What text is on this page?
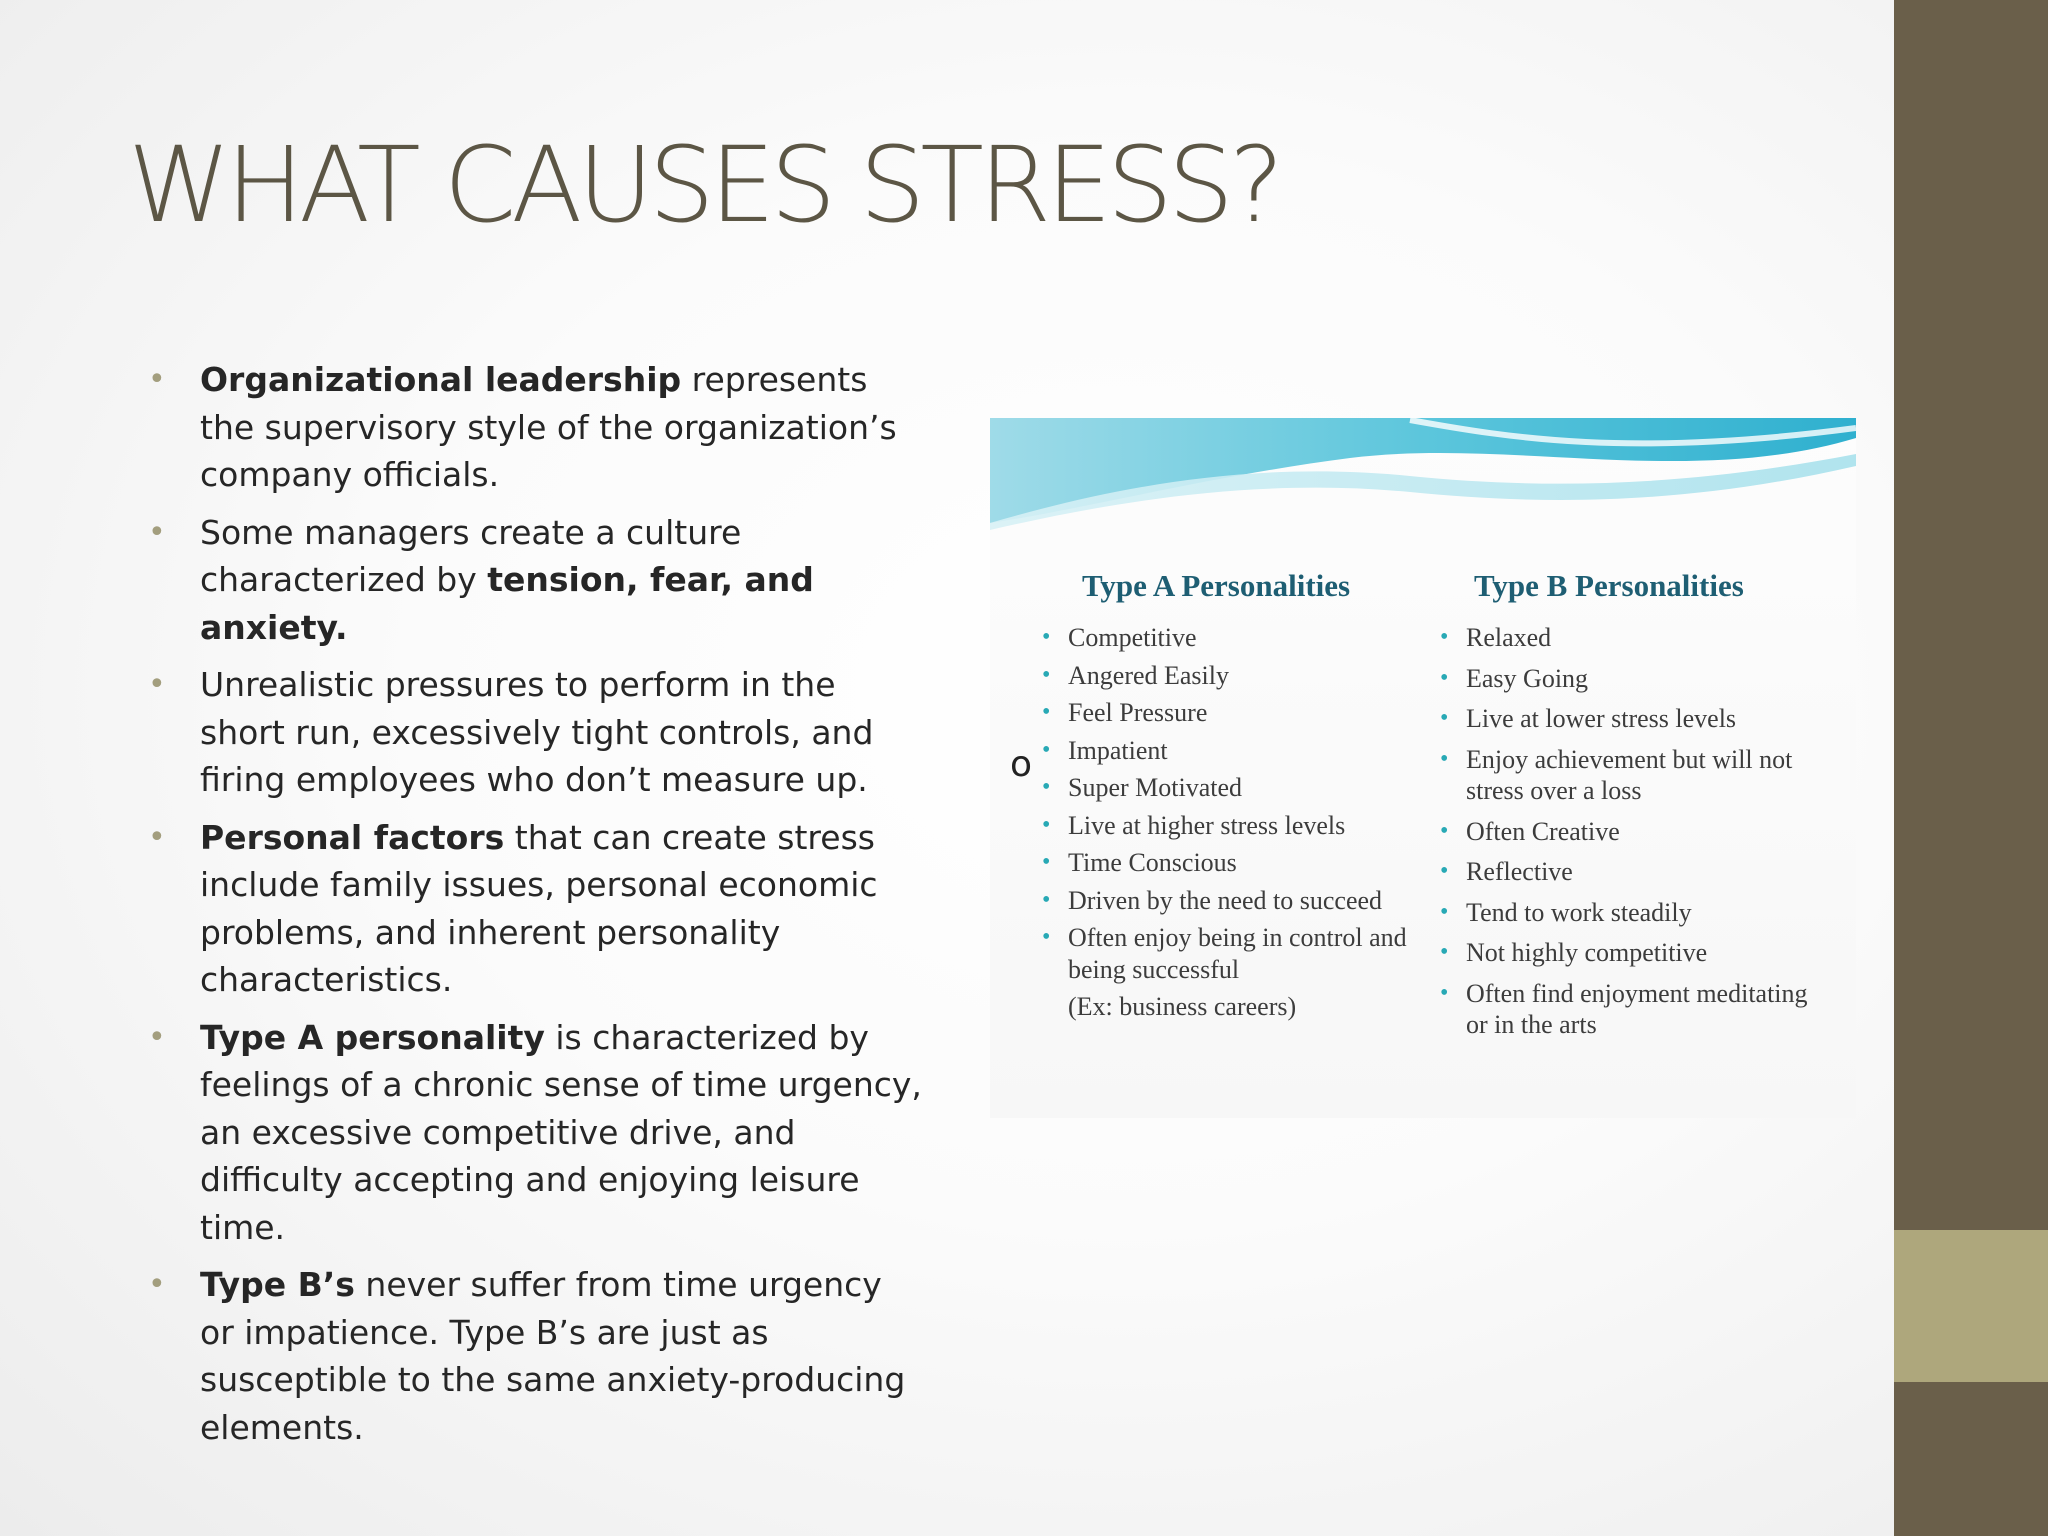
WHAT CAUSES STRESS?
• Organizational leadership represents the supervisory style of the organization’s company officials.
• Some managers create a culture characterized by tension, fear, and anxiety.
• Unrealistic pressures to perform in the short run, excessively tight controls, and firing employees who don’t measure up.
• Personal factors that can create stress include family issues, personal economic problems, and inherent personality characteristics.
• Type A personality is characterized by feelings of a chronic sense of time urgency, an excessive competitive drive, and difficulty accepting and enjoying leisure time.
• Type B’s never suffer from time urgency or impatience. Type B’s are just as susceptible to the same anxiety-producing elements.
Type A Personalities
• Competitive
• Angered Easily
• Feel Pressure
• Impatient
• Super Motivated
• Live at higher stress levels
• Time Conscious
• Driven by the need to succeed
• Often enjoy being in control and being successful
(Ex: business careers)
Type B Personalities
• Relaxed
• Easy Going
• Live at lower stress levels
• Enjoy achievement but will not stress over a loss
• Often Creative
• Reflective
• Tend to work steadily
• Not highly competitive
• Often find enjoyment meditating or in the arts
o
